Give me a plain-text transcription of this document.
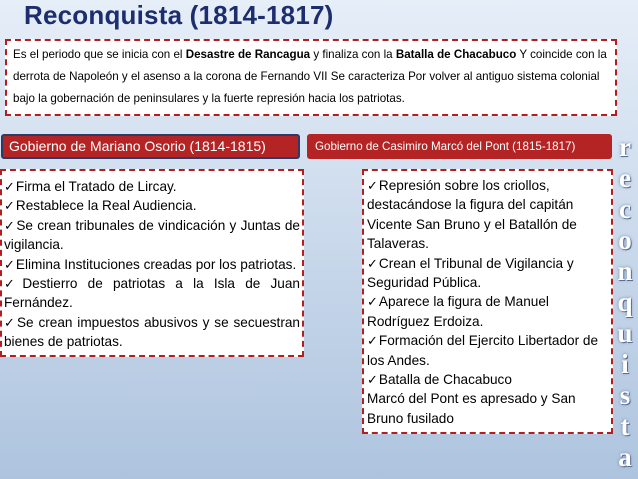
Reconquista (1814-1817)
Es el periodo que se inicia con el Desastre de Rancagua y finaliza con la Batalla de Chacabuco Y coincide con la derrota de Napoleón y el asenso a la corona de Fernando VII Se caracteriza Por volver al antiguo sistema colonial bajo la gobernación de peninsulares y la fuerte represión hacia los patriotas.
Gobierno de Mariano Osorio (1814-1815)	Gobierno de Casimiro Marcó del Pont (1815-1817)
✓Firma el Tratado de Lircay.
✓Restablece la Real Audiencia.
✓Se crean tribunales de vindicación y Juntas de vigilancia.
✓Elimina Instituciones creadas por los patriotas.
✓Destierro de patriotas a la Isla de Juan Fernández.
✓Se crean impuestos abusivos y se secuestran bienes de patriotas.
✓Represión sobre los criollos, destacándose la figura del capitán Vicente San Bruno y el Batallón de Talaveras.
✓Crean el Tribunal de Vigilancia y Seguridad Pública.
✓Aparece la figura de Manuel Rodríguez Erdoiza.
✓Formación del Ejercito Libertador de los Andes.
✓Batalla de Chacabuco
Marcó del Pont es apresado y San Bruno fusilado
r
e
c
o
n
q
u
i
s
t
a
